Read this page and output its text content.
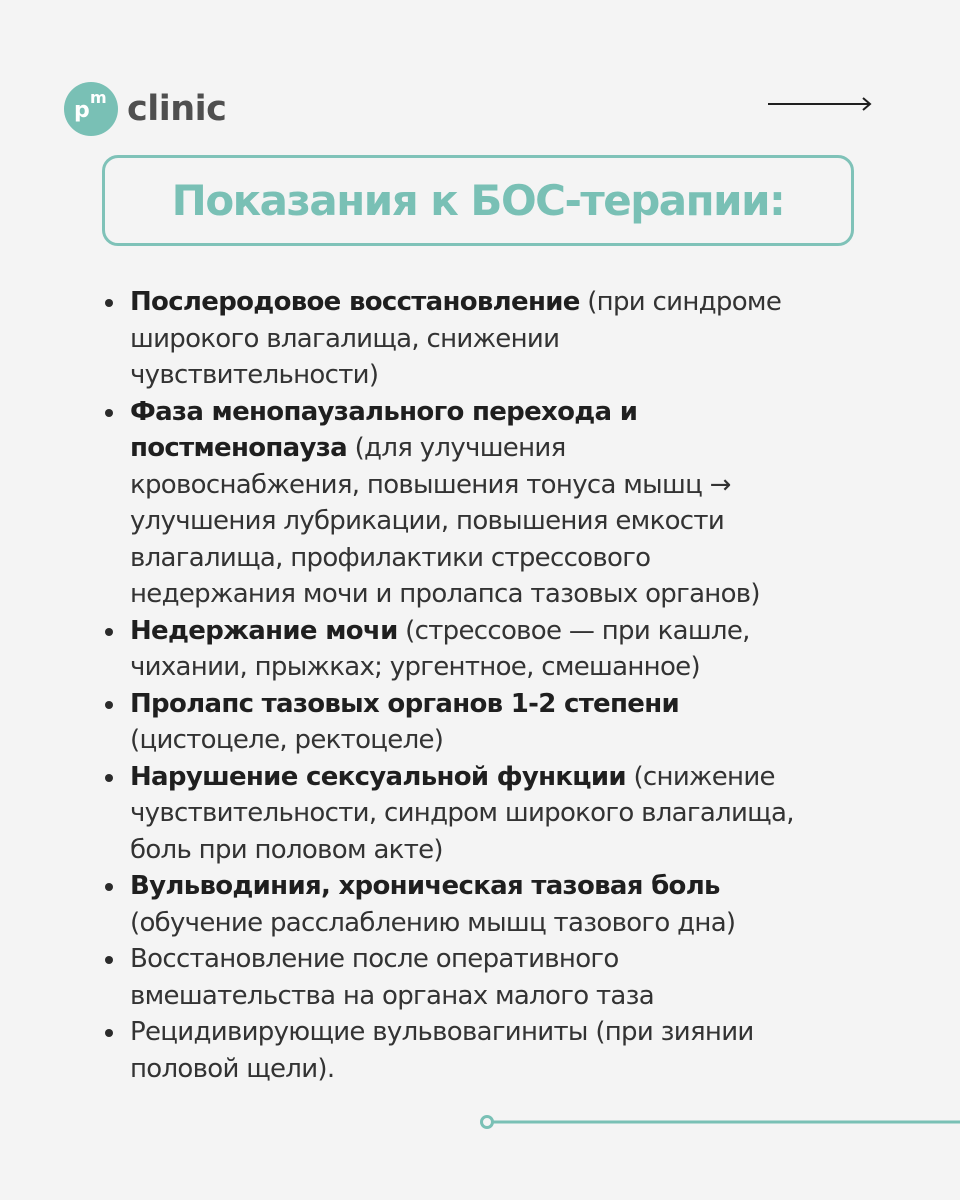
p
m clinic
Показания к БОС-терапии:
Послеродовое восстановление (при синдроме
широкого влагалища, снижении
чувствительности)
Фаза менопаузального перехода и
постменопауза (для улучшения
кровоснабжения, повышения тонуса мышц →
улучшения лубрикации, повышения емкости
влагалища, профилактики стрессового
недержания мочи и пролапса тазовых органов)
Недержание мочи (стрессовое — при кашле,
чихании, прыжках; ургентное, смешанное)
Пролапс тазовых органов 1-2 степени
(цистоцеле, ректоцеле)
Нарушение сексуальной функции (снижение
чувствительности, синдром широкого влагалища,
боль при половом акте)
Вульводиния, хроническая тазовая боль
(обучение расслаблению мышц тазового дна)
Восстановление после оперативного
вмешательства на органах малого таза
Рецидивирующие вульвовагиниты (при зиянии
половой щели).
